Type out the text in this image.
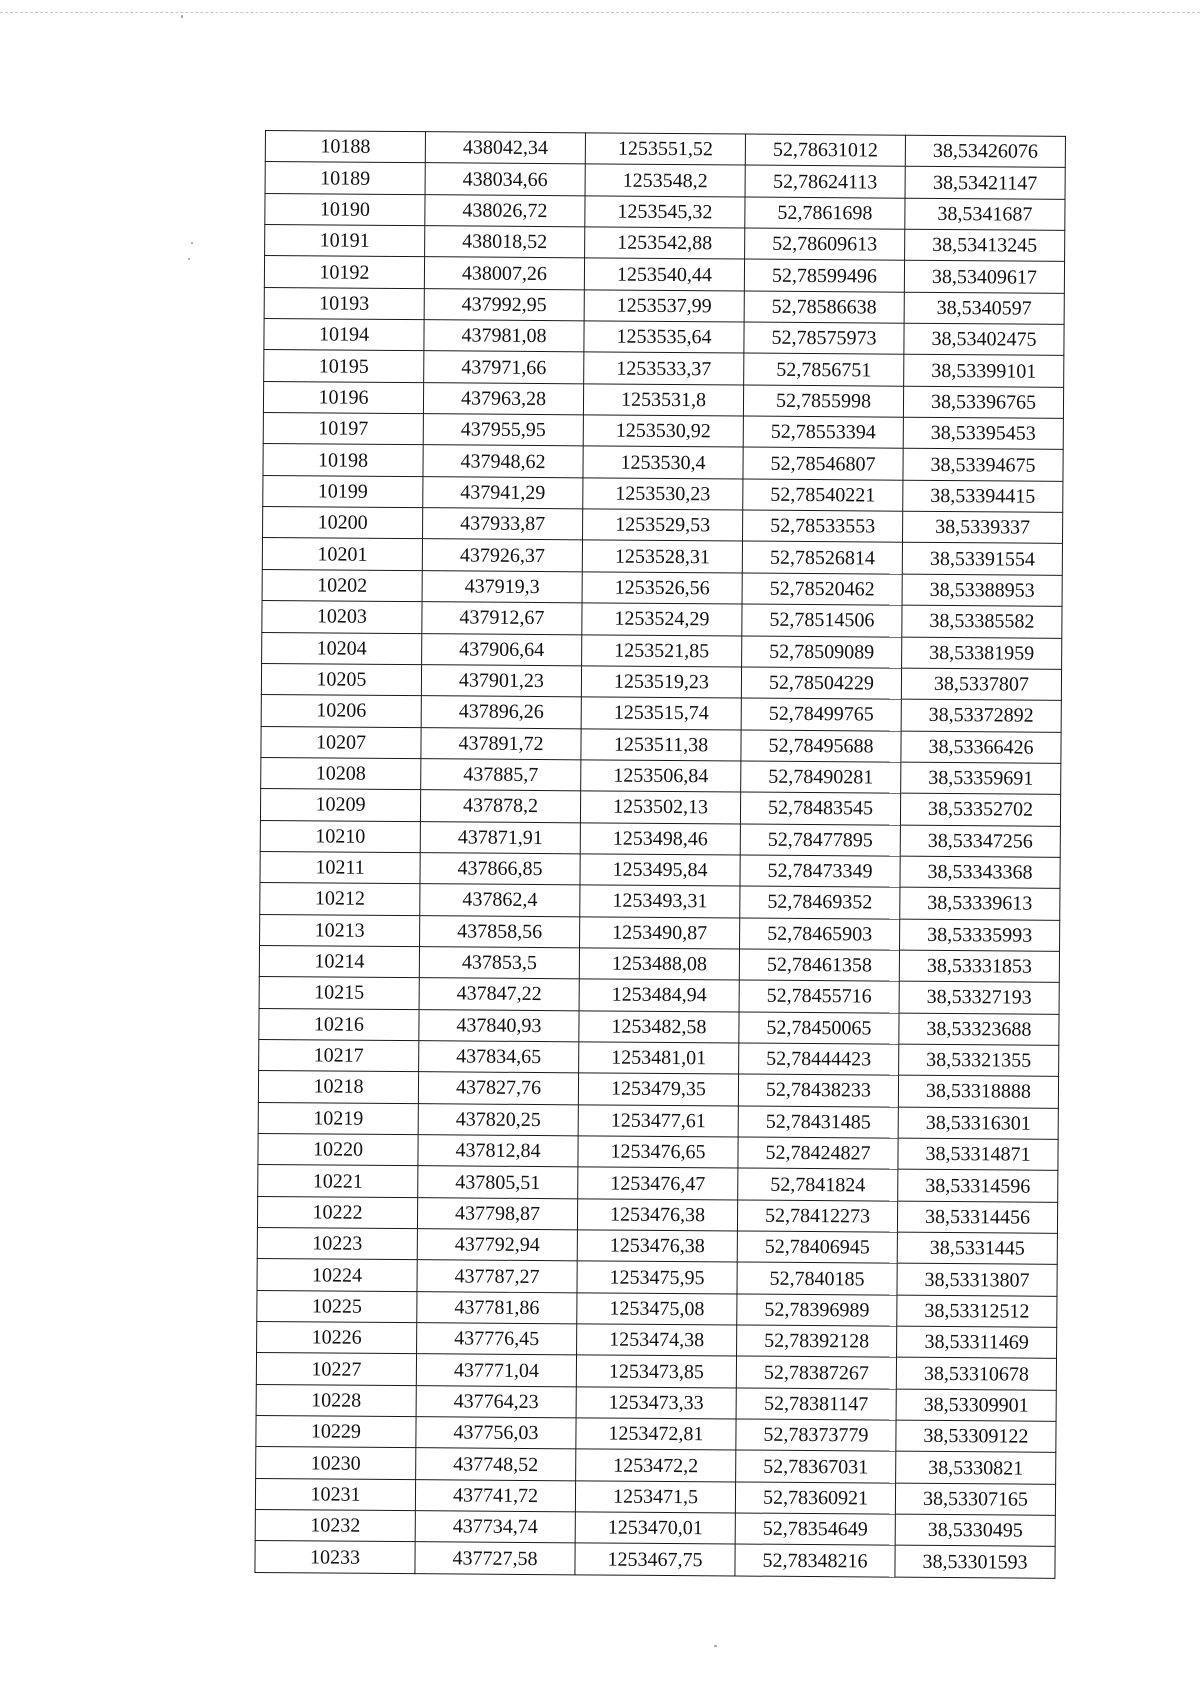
10188	438042,34	1253551,52	52,78631012	38,53426076
10189	438034,66	1253548,2	52,78624113	38,53421147
10190	438026,72	1253545,32	52,7861698	38,5341687
10191	438018,52	1253542,88	52,78609613	38,53413245
10192	438007,26	1253540,44	52,78599496	38,53409617
10193	437992,95	1253537,99	52,78586638	38,5340597
10194	437981,08	1253535,64	52,78575973	38,53402475
10195	437971,66	1253533,37	52,7856751	38,53399101
10196	437963,28	1253531,8	52,7855998	38,53396765
10197	437955,95	1253530,92	52,78553394	38,53395453
10198	437948,62	1253530,4	52,78546807	38,53394675
10199	437941,29	1253530,23	52,78540221	38,53394415
10200	437933,87	1253529,53	52,78533553	38,5339337
10201	437926,37	1253528,31	52,78526814	38,53391554
10202	437919,3	1253526,56	52,78520462	38,53388953
10203	437912,67	1253524,29	52,78514506	38,53385582
10204	437906,64	1253521,85	52,78509089	38,53381959
10205	437901,23	1253519,23	52,78504229	38,5337807
10206	437896,26	1253515,74	52,78499765	38,53372892
10207	437891,72	1253511,38	52,78495688	38,53366426
10208	437885,7	1253506,84	52,78490281	38,53359691
10209	437878,2	1253502,13	52,78483545	38,53352702
10210	437871,91	1253498,46	52,78477895	38,53347256
10211	437866,85	1253495,84	52,78473349	38,53343368
10212	437862,4	1253493,31	52,78469352	38,53339613
10213	437858,56	1253490,87	52,78465903	38,53335993
10214	437853,5	1253488,08	52,78461358	38,53331853
10215	437847,22	1253484,94	52,78455716	38,53327193
10216	437840,93	1253482,58	52,78450065	38,53323688
10217	437834,65	1253481,01	52,78444423	38,53321355
10218	437827,76	1253479,35	52,78438233	38,53318888
10219	437820,25	1253477,61	52,78431485	38,53316301
10220	437812,84	1253476,65	52,78424827	38,53314871
10221	437805,51	1253476,47	52,7841824	38,53314596
10222	437798,87	1253476,38	52,78412273	38,53314456
10223	437792,94	1253476,38	52,78406945	38,5331445
10224	437787,27	1253475,95	52,7840185	38,53313807
10225	437781,86	1253475,08	52,78396989	38,53312512
10226	437776,45	1253474,38	52,78392128	38,53311469
10227	437771,04	1253473,85	52,78387267	38,53310678
10228	437764,23	1253473,33	52,78381147	38,53309901
10229	437756,03	1253472,81	52,78373779	38,53309122
10230	437748,52	1253472,2	52,78367031	38,5330821
10231	437741,72	1253471,5	52,78360921	38,53307165
10232	437734,74	1253470,01	52,78354649	38,5330495
10233	437727,58	1253467,75	52,78348216	38,53301593
